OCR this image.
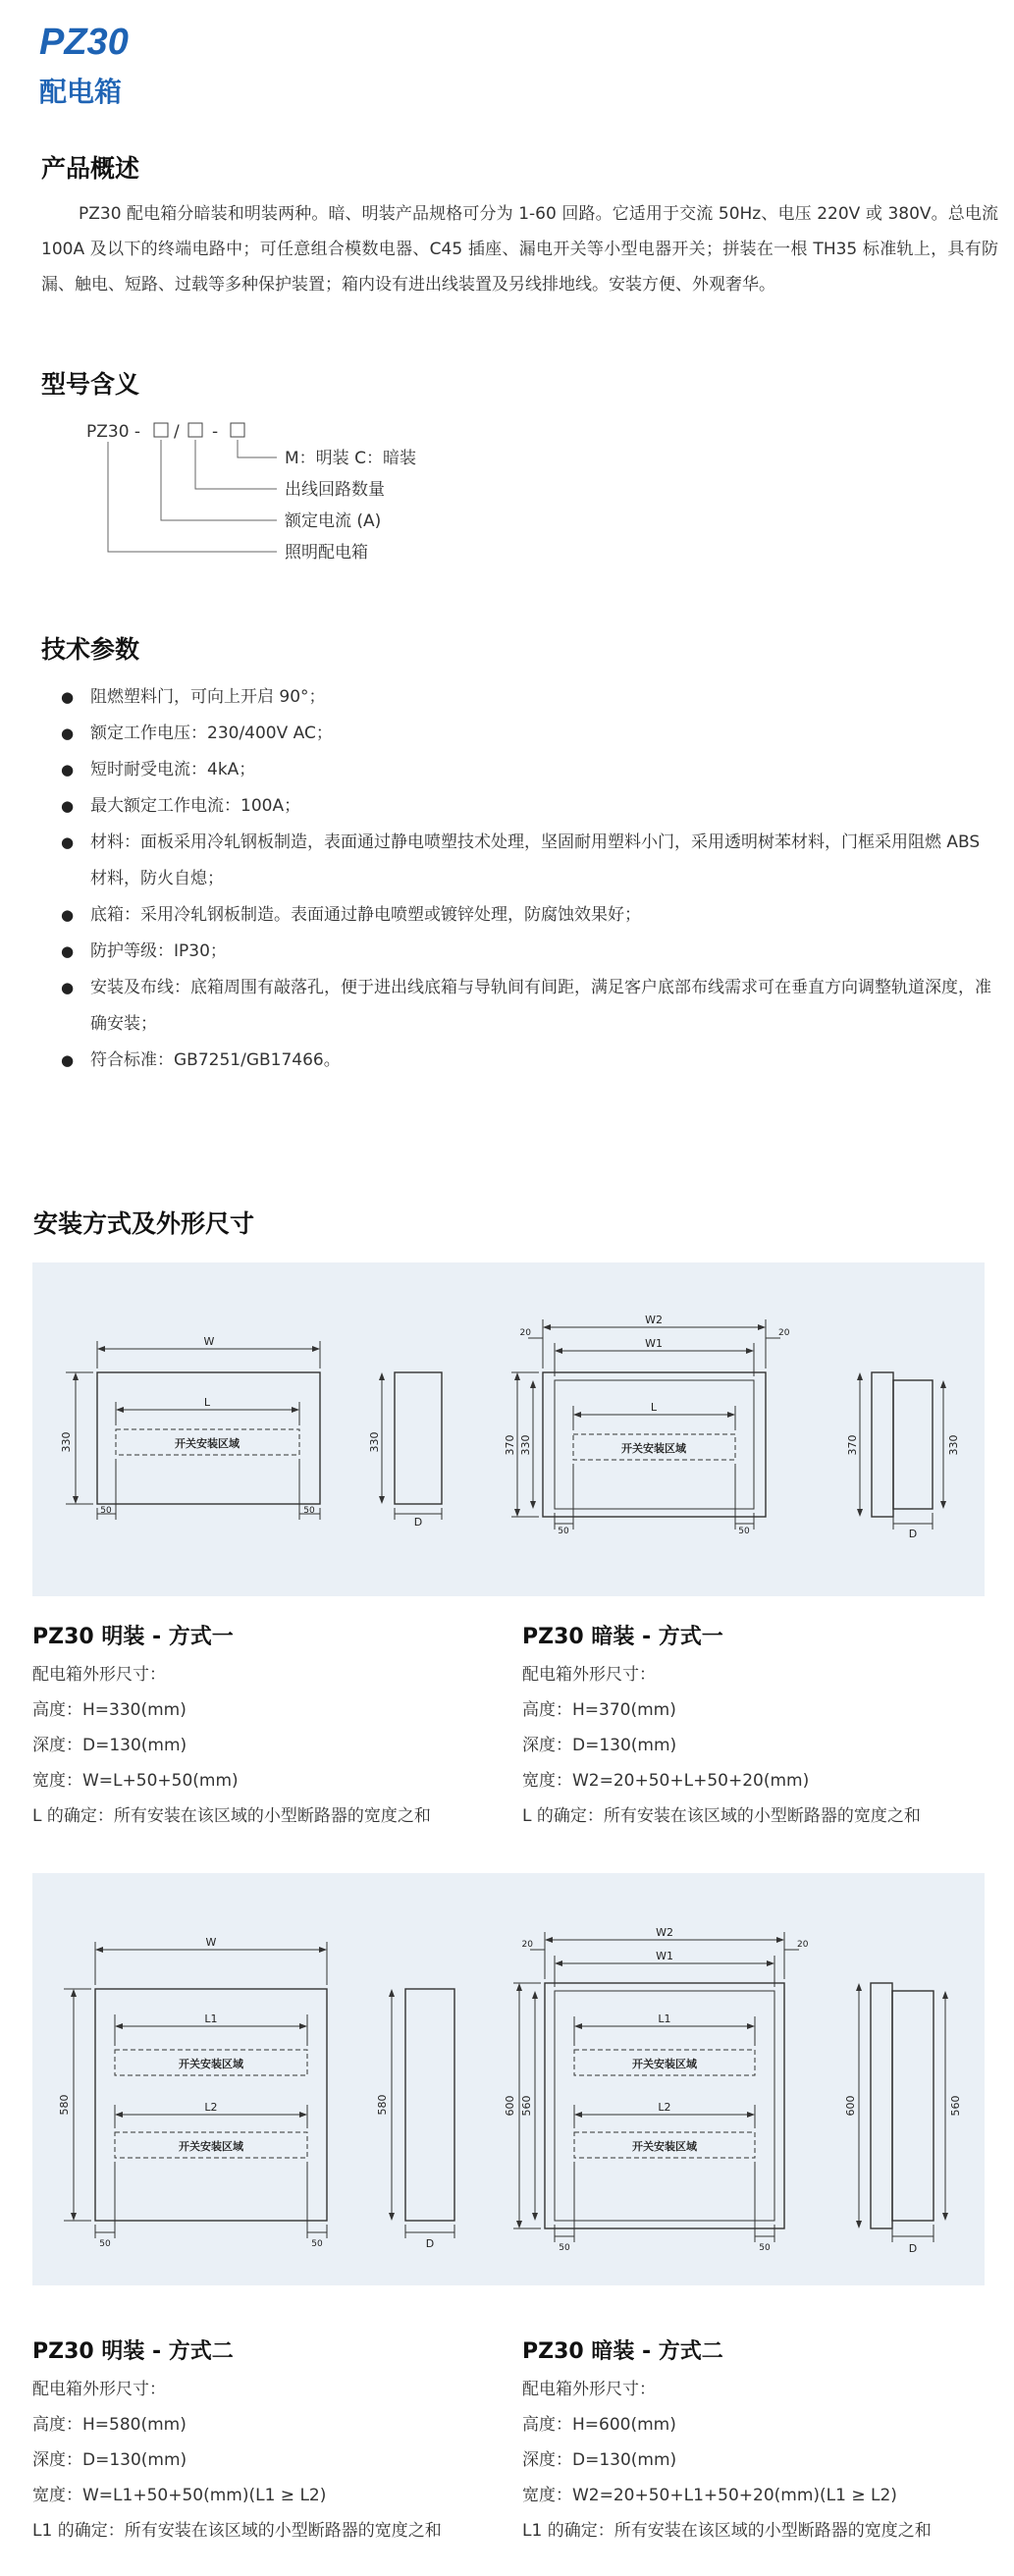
PZ30
配电箱
产品概述
PZ30 配电箱分暗装和明装两种。暗、明装产品规格可分为 1-60 回路。它适用于交流 50Hz、电压 220V 或 380V。总电流 100A 及以下的终端电路中；可任意组合模数电器、C45 插座、漏电开关等小型电器开关；拼装在一根 TH35 标准轨上，具有防漏、触电、短路、过载等多种保护装置；箱内设有进出线装置及另线排地线。安装方便、外观奢华。
型号含义
PZ30 - / -
M：明装 C：暗装
出线回路数量
额定电流 (A)
照明配电箱
技术参数
● 阻燃塑料门，可向上开启 90°；
● 额定工作电压：230/400V AC；
● 短时耐受电流：4kA；
● 最大额定工作电流：100A；
● 材料：面板采用冷轧钢板制造，表面通过静电喷塑技术处理，坚固耐用塑料小门，采用透明树苯材料，门框采用阻燃 ABS 材料，防火自熄；
● 底箱：采用冷轧钢板制造。表面通过静电喷塑或镀锌处理，防腐蚀效果好；
● 防护等级：IP30；
● 安装及布线：底箱周围有敲落孔，便于进出线底箱与导轨间有间距，满足客户底部布线需求可在垂直方向调整轨道深度，准确安装；
● 符合标准：GB7251/GB17466。
安装方式及外形尺寸
W
L
330
50	50
开关安装区域	330
D
W2
W1
20	20
370 330
L
开关安装区域
50	50
370	330
D
PZ30 明装 - 方式一
配电箱外形尺寸：
高度：H=330(mm)
深度：D=130(mm)
宽度：W=L+50+50(mm)
L 的确定：所有安装在该区域的小型断路器的宽度之和
PZ30 暗装 - 方式一
配电箱外形尺寸：
高度：H=370(mm)
深度：D=130(mm)
宽度：W2=20+50+L+50+20(mm)
L 的确定：所有安装在该区域的小型断路器的宽度之和
W
580
L1
开关安装区域
L2
开关安装区域
50	50
580
D
W2
W1
20	20
600 560
L1
开关安装区域
L2
开关安装区域
50	50
600	560
D
PZ30 明装 - 方式二
配电箱外形尺寸：
高度：H=580(mm)
深度：D=130(mm)
宽度：W=L1+50+50(mm)(L1 ≥ L2)
L1 的确定：所有安装在该区域的小型断路器的宽度之和
PZ30 暗装 - 方式二
配电箱外形尺寸：
高度：H=600(mm)
深度：D=130(mm)
宽度：W2=20+50+L1+50+20(mm)(L1 ≥ L2)
L1 的确定：所有安装在该区域的小型断路器的宽度之和
